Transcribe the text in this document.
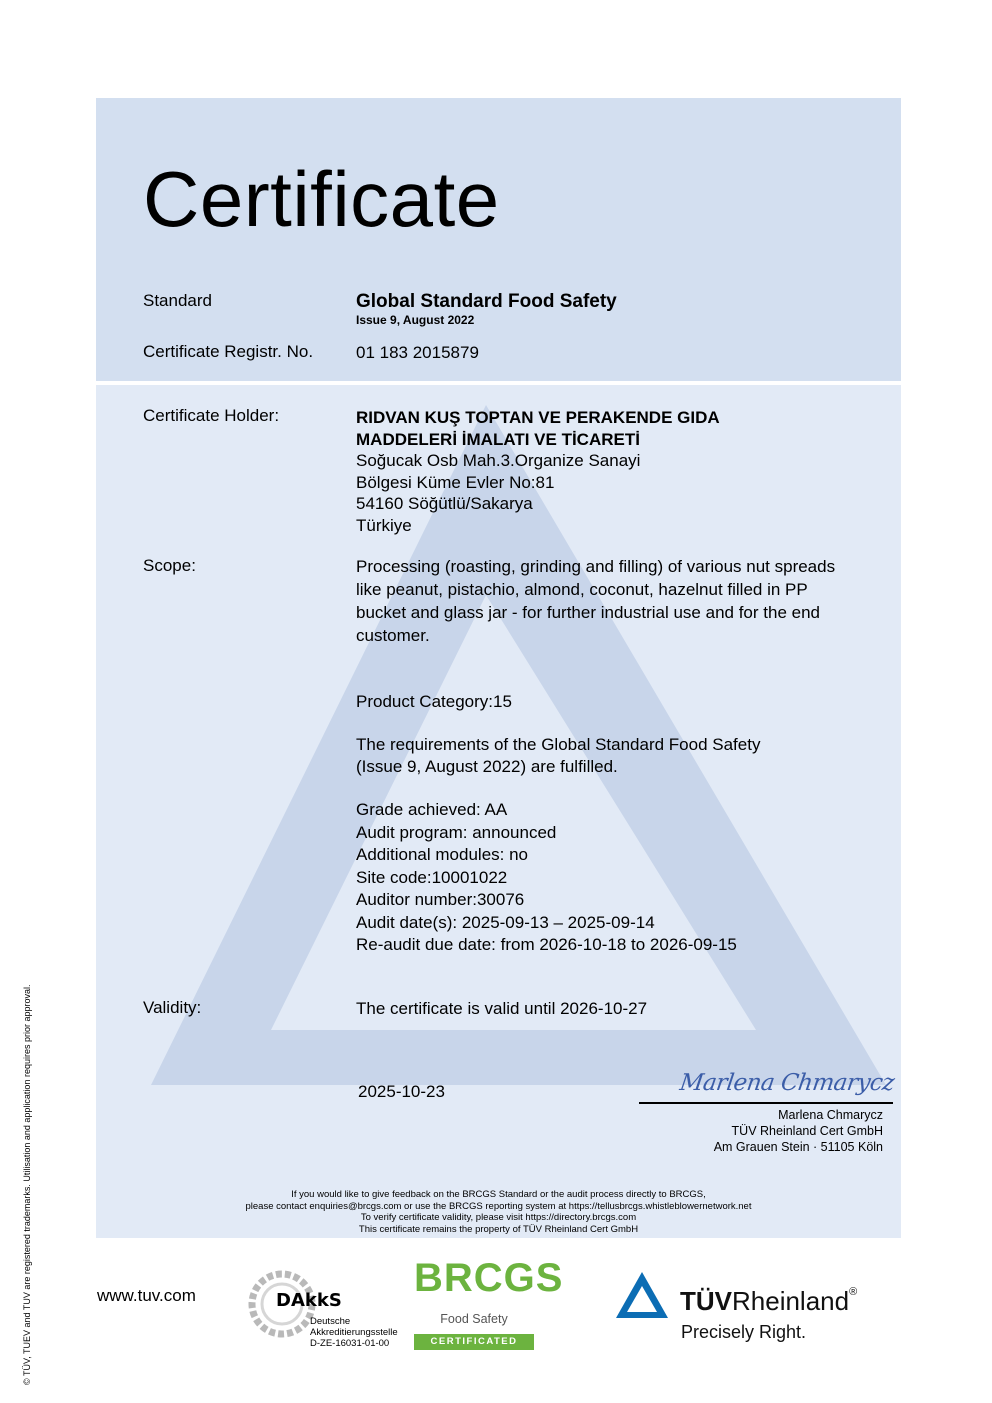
Certificate
Standard	Global Standard Food Safety
Issue 9, August 2022
Certificate Registr. No.	01 183 2015879
Certificate Holder:	RIDVAN KUŞ TOPTAN VE PERAKENDE GIDA
MADDELERİ İMALATI VE TİCARETİ
Soğucak Osb Mah.3.Organize Sanayi
Bölgesi Küme Evler No:81
54160 Söğütlü/Sakarya
Türkiye
Scope:	Processing (roasting, grinding and filling) of various nut spreads
like peanut, pistachio, almond, coconut, hazelnut filled in PP
bucket and glass jar - for further industrial use and for the end
customer.
Product Category:15
The requirements of the Global Standard Food Safety
(Issue 9, August 2022) are fulfilled.
Grade achieved: AA
Audit program: announced
Additional modules: no
Site code:10001022
Auditor number:30076
Audit date(s): 2025-09-13 – 2025-09-14
Re-audit due date: from 2026-10-18 to 2026-09-15
Validity:	The certificate is valid until 2026-10-27
2025-10-23	Marlena Chmarycz
Marlena Chmarycz
TÜV Rheinland Cert GmbH
Am Grauen Stein · 51105 Köln
If you would like to give feedback on the BRCGS Standard or the audit process directly to BRCGS,
please contact enquiries@brcgs.com or use the BRCGS reporting system at https://tellusbrcgs.whistleblowernetwork.net
To verify certificate validity, please visit https://directory.brcgs.com
This certificate remains the property of TÜV Rheinland Cert GmbH
© TÜV, TUEV and TUV are registered trademarks. Utilisation and application requires prior approval.	www.tuv.com	DAkkS
Deutsche
Akkreditierungsstelle
D-ZE-16031-01-00
BRCGS
Food Safety
CERTIFICATED
TÜVRheinland®
Precisely Right.
